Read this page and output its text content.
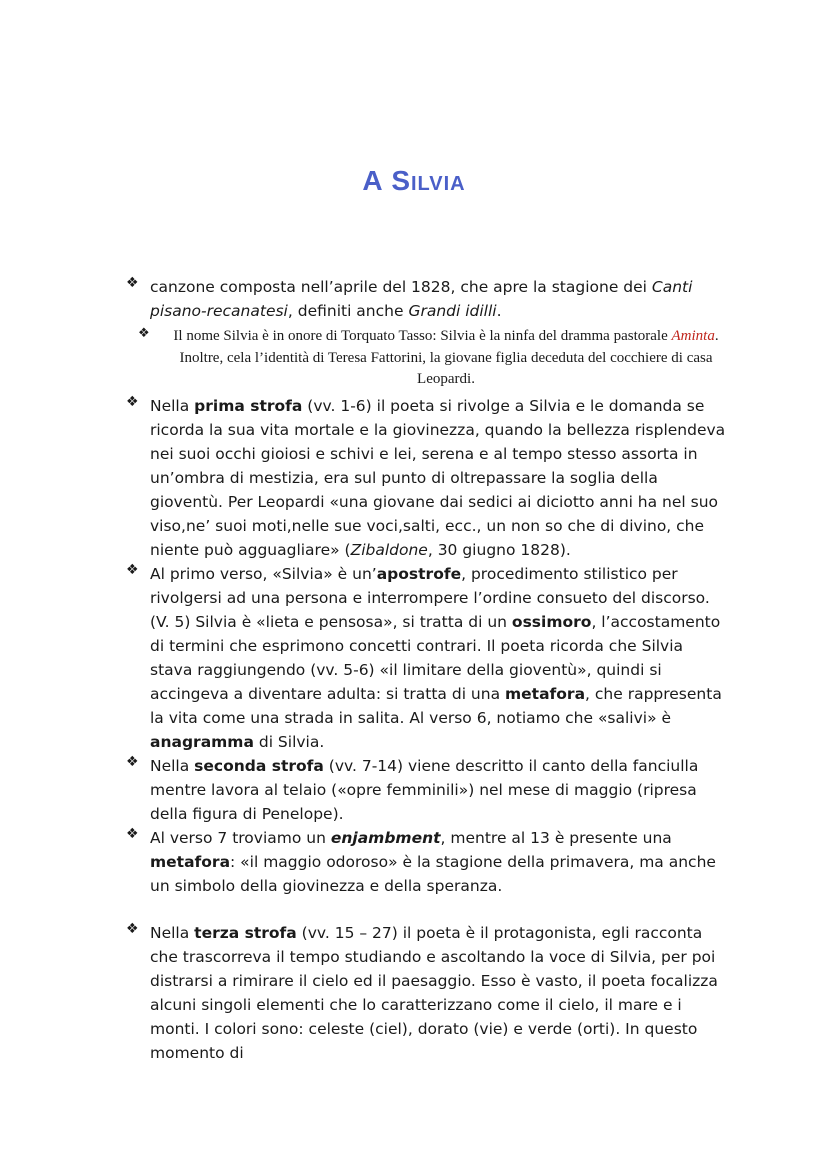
A Silvia
❖ canzone composta nell’aprile del 1828, che apre la stagione dei Canti pisano-recanatesi, definiti anche Grandi idilli.
❖	Il nome Silvia è in onore di Torquato Tasso: Silvia è la ninfa del dramma pastorale Aminta. Inoltre, cela l’identità di Teresa Fattorini, la giovane figlia deceduta del cocchiere di casa Leopardi.
❖ Nella prima strofa (vv. 1-6) il poeta si rivolge a Silvia e le domanda se ricorda la sua vita mortale e la giovinezza, quando la bellezza risplendeva nei suoi occhi gioiosi e schivi e lei, serena e al tempo stesso assorta in un’ombra di mestizia, era sul punto di oltrepassare la soglia della gioventù. Per Leopardi «una giovane dai sedici ai diciotto anni ha nel suo viso,ne’ suoi moti,nelle sue voci,salti, ecc., un non so che di divino, che niente può agguagliare» (Zibaldone, 30 giugno 1828).
❖ Al primo verso, «Silvia» è un’apostrofe, procedimento stilistico per rivolgersi ad una persona e interrompere l’ordine consueto del discorso. (V. 5) Silvia è «lieta e pensosa», si tratta di un ossimoro, l’accostamento di termini che esprimono concetti contrari. Il poeta ricorda che Silvia stava raggiungendo (vv. 5-6) «il limitare della gioventù», quindi si accingeva a diventare adulta: si tratta di una metafora, che rappresenta la vita come una strada in salita. Al verso 6, notiamo che «salivi» è anagramma di Silvia.
❖ Nella seconda strofa (vv. 7-14) viene descritto il canto della fanciulla mentre lavora al telaio («opre femminili») nel mese di maggio (ripresa della figura di Penelope).
❖ Al verso 7 troviamo un enjambment, mentre al 13 è presente una metafora: «il maggio odoroso» è la stagione della primavera, ma anche un simbolo della giovinezza e della speranza.
❖ Nella terza strofa (vv. 15 – 27) il poeta è il protagonista, egli racconta che trascorreva il tempo studiando e ascoltando la voce di Silvia, per poi distrarsi a rimirare il cielo ed il paesaggio. Esso è vasto, il poeta focalizza alcuni singoli elementi che lo caratterizzano come il cielo, il mare e i monti. I colori sono: celeste (ciel), dorato (vie) e verde (orti). In questo momento di
